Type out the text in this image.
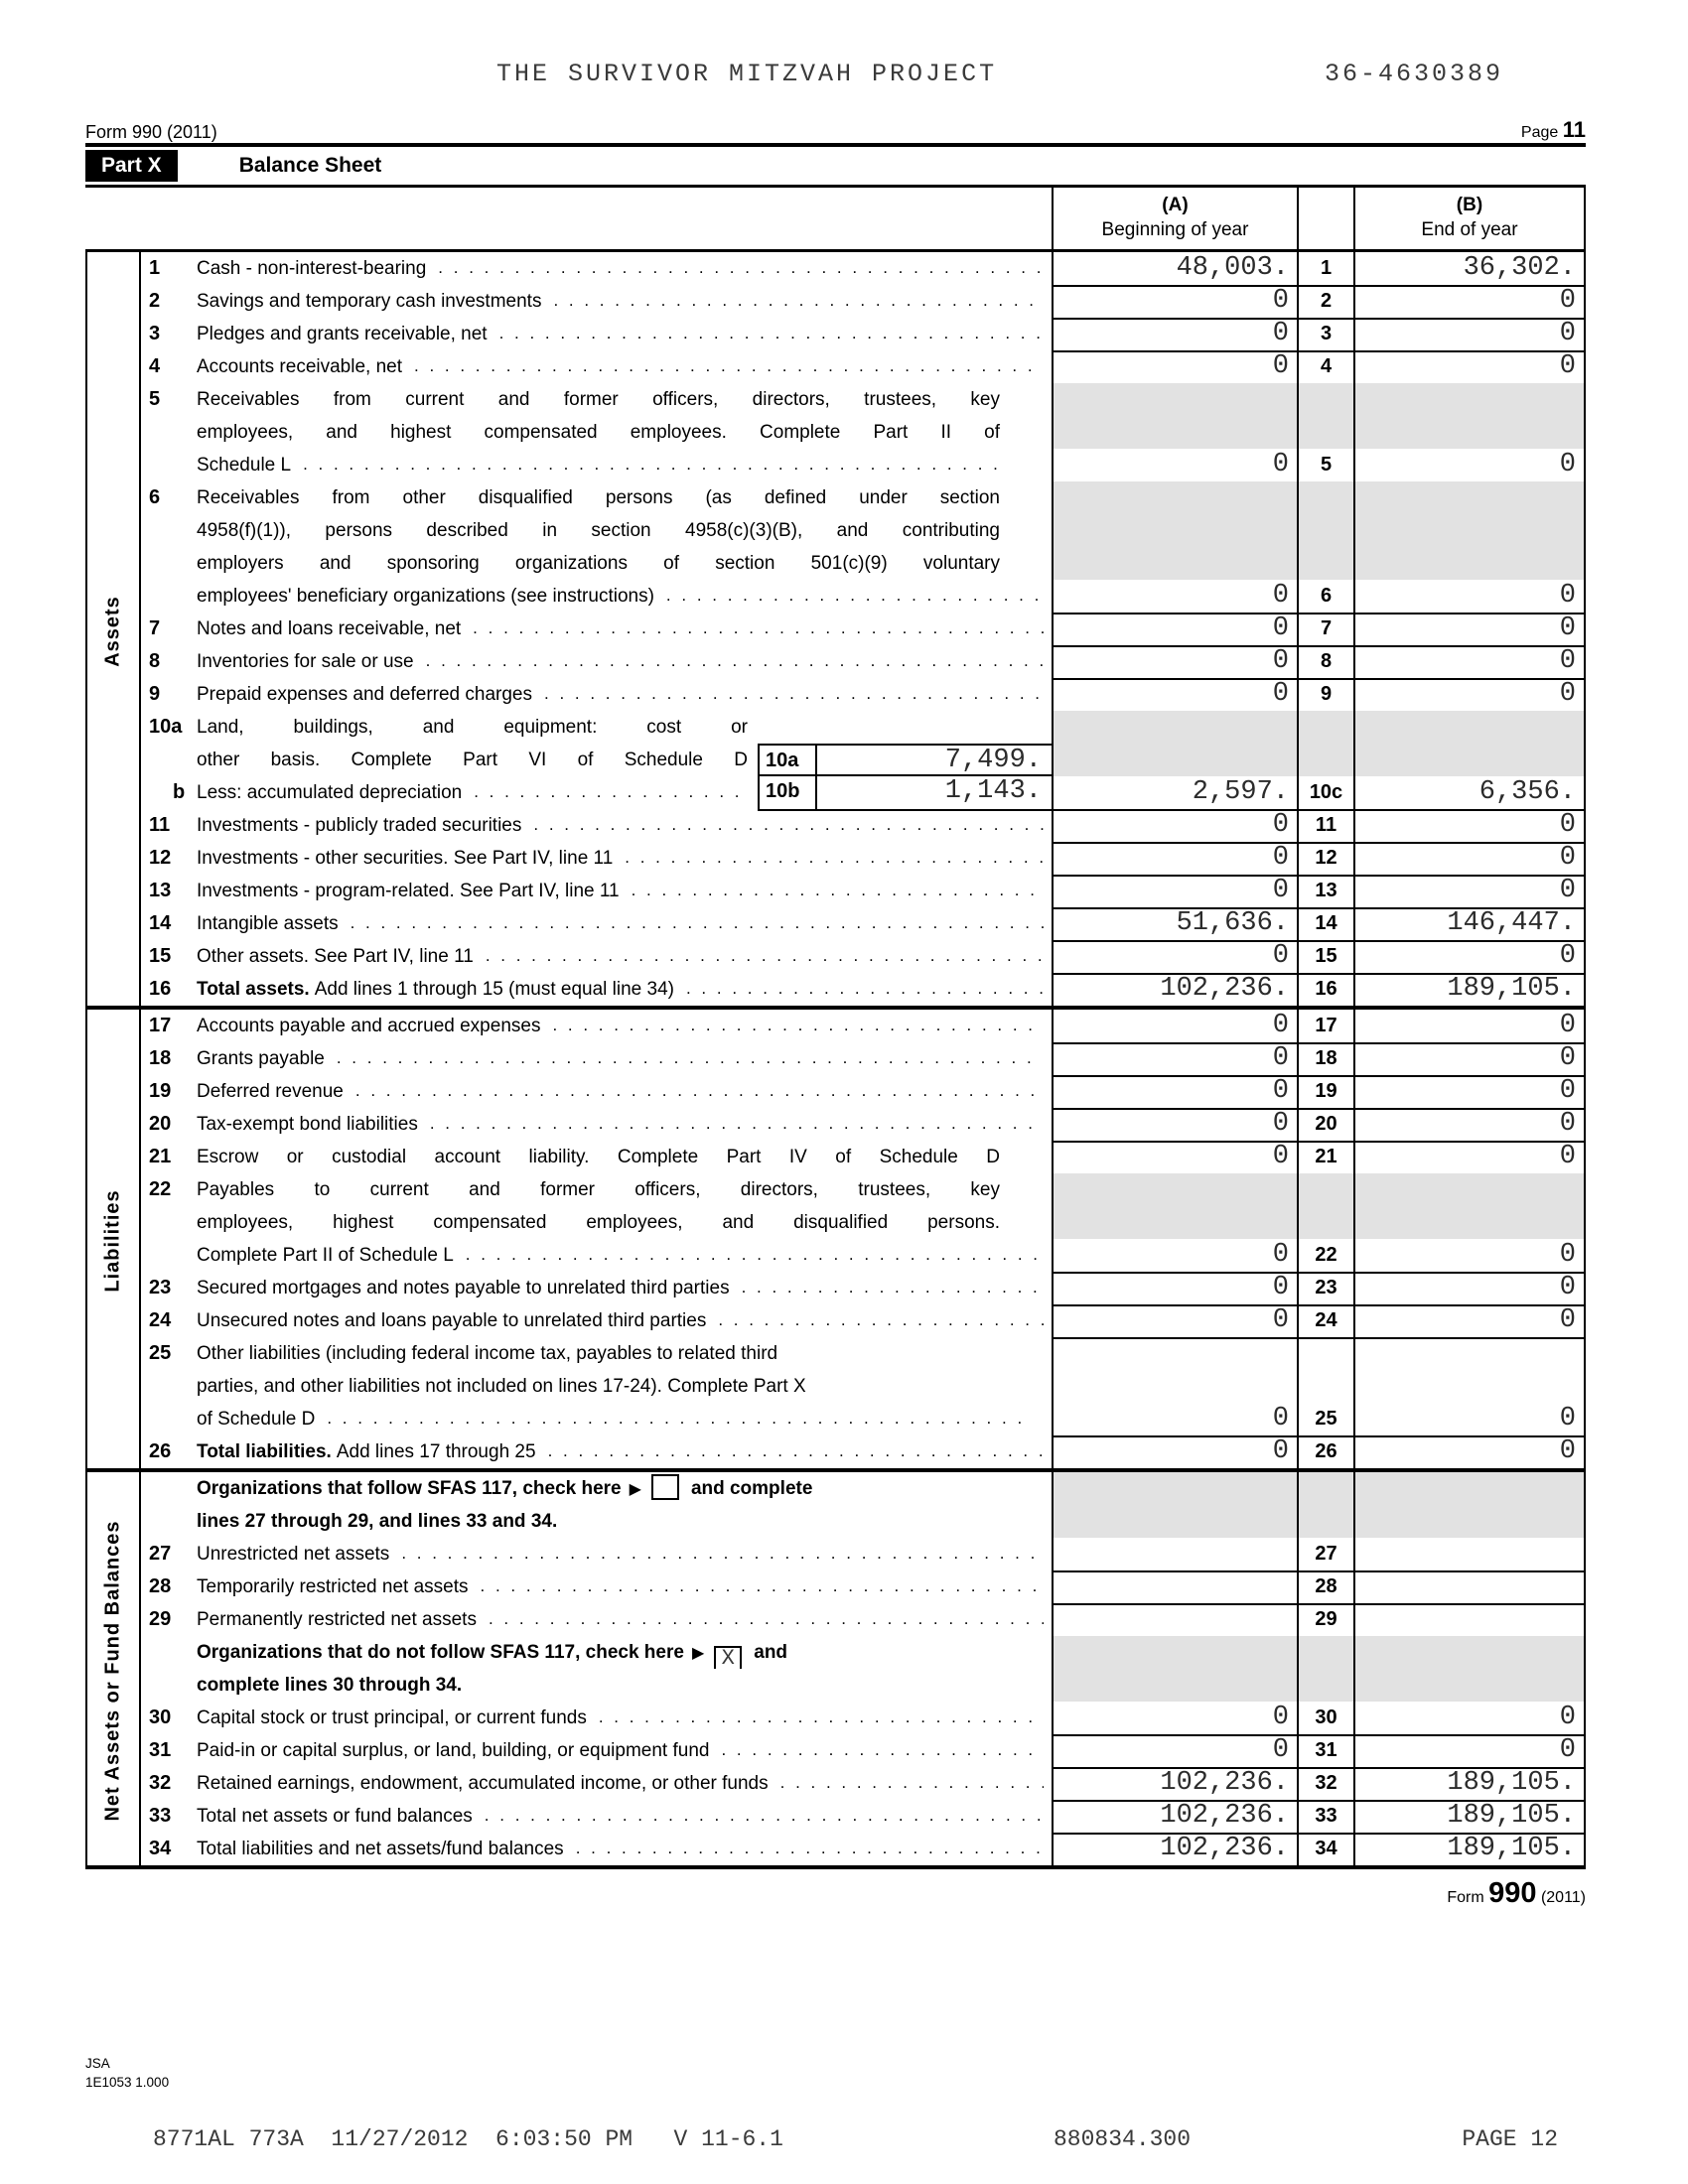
THE SURVIVOR MITZVAH PROJECT	36-4630389
Form 990 (2011)	Page 11
Part X	Balance Sheet
(A)
Beginning of year
(B)
End of year
Assets
1	Cash - non-interest-bearing . .	48,003.	1	36,302.
2	Savings and temporary cash investments . .	0	2	0
3	Pledges and grants receivable, net . .	0	3	0
4	Accounts receivable, net . .	0	4	0
5	Receivables from current and former officers, directors, trustees, key
employees, and highest compensated employees. Complete Part II of
Schedule L . .	0	5	0
6	Receivables from other disqualified persons (as defined under section
4958(f)(1)), persons described in section 4958(c)(3)(B), and contributing
employers and sponsoring organizations of section 501(c)(9) voluntary
employees' beneficiary organizations (see instructions) . .	0	6	0
7	Notes and loans receivable, net . .	0	7	0
8	Inventories for sale or use . .	0	8	0
9	Prepaid expenses and deferred charges . .	0	9	0
10a Land, buildings, and equipment: cost or
other basis. Complete Part VI of Schedule D 10a	7,499.
b Less: accumulated depreciation . .	10b	1,143.	2,597.	10c	6,356.
11	Investments - publicly traded securities . .	0	11	0
12	Investments - other securities. See Part IV, line 11 . .	0	12	0
13	Investments - program-related. See Part IV, line 11 . .	0	13	0
14	Intangible assets . .	51,636.	14	146,447.
15	Other assets. See Part IV, line 11 . .	0	15	0
16	Total assets. Add lines 1 through 15 (must equal line 34) . .	102,236.	16	189,105.
Liabilities
17	Accounts payable and accrued expenses . .	0	17	0
18	Grants payable . .	0	18	0
19	Deferred revenue . .	0	19	0
20	Tax-exempt bond liabilities . .	0	20	0
21	Escrow or custodial account liability. Complete Part IV of Schedule D	0	21	0
22	Payables to current and former officers, directors, trustees, key
employees, highest compensated employees, and disqualified persons.
Complete Part II of Schedule L . .	0	22	0
23	Secured mortgages and notes payable to unrelated third parties . .	0	23	0
24	Unsecured notes and loans payable to unrelated third parties . .	0	24	0
25	Other liabilities (including federal income tax, payables to related third
parties, and other liabilities not included on lines 17-24). Complete Part X
of Schedule D . .	0	25	0
26	Total liabilities. Add lines 17 through 25 . .	0	26	0
Net Assets or Fund Balances
Organizations that follow SFAS 117, check here ▶	and complete
lines 27 through 29, and lines 33 and 34.
27	Unrestricted net assets . .	27
28	Temporarily restricted net assets . .	28
29	Permanently restricted net assets . .	29
Organizations that do not follow SFAS 117, check here ▶ X and
complete lines 30 through 34.
30	Capital stock or trust principal, or current funds . .	0	30	0
31	Paid-in or capital surplus, or land, building, or equipment fund . .	0	31	0
32	Retained earnings, endowment, accumulated income, or other funds . .	102,236.	32	189,105.
33	Total net assets or fund balances . .	102,236.	33	189,105.
34	Total liabilities and net assets/fund balances . .	102,236.	34	189,105.
Form 990 (2011)
JSA
1E1053 1.000
8771AL 773A  11/27/2012  6:03:50 PM   V 11-6.1	880834.300	PAGE 12
